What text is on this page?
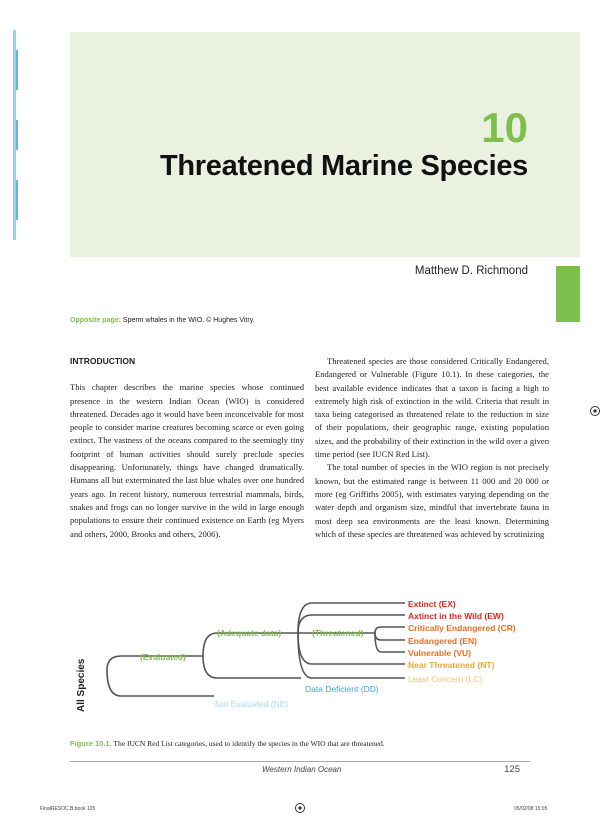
10
Threatened Marine Species
Matthew D. Richmond
Opposite page: Sperm whales in the WIO. © Hughes Vitry.

INTRODUCTION

This chapter describes the marine species whose continued presence in the western Indian Ocean (WIO) is considered threatened. Decades ago it would have been inconceivable for most people to consider marine creatures becoming scarce or even going extinct. The vastness of the oceans compared to the seemingly tiny footprint of human activities should surely preclude species disappearing. Unfortunately, things have changed dramatically. Humans all but exterminated the last blue whales over one hundred years ago. In recent history, numerous terrestrial mammals, birds, snakes and frogs can no longer survive in the wild in large enough populations to ensure their continued existence on Earth (eg Myers and others, 2000, Brooks and others, 2006).

Threatened species are those considered Critically Endangered, Endangered or Vulnerable (Figure 10.1). In these categories, the best available evidence indicates that a taxon is facing a high to extremely high risk of extinction in the wild. Criteria that result in taxa being categorised as threatened relate to the reduction in size of their populations, their geographic range, existing population sizes, and the probability of their extinction in the wild over a given time period (see IUCN Red List).

The total number of species in the WIO region is not precisely known, but the estimated range is between 11 000 and 20 000 or more (eg Griffiths 2005), with estimates varying depending on the water depth and organism size, mindful that invertebrate fauna in most deep sea environments are the least known. Determining which of these species are threatened was achieved by scrutinizing

Extinct (EX)
Axtinct in the Wild (EW)
Critically Endangered (CR)
Endangered (EN)
Vulnerable (VU)
Near Threatened (NT)
Least Concern (LC)
(Adequate data)	(Threatened)
(Evaluated)
Data Deficient (DD)
Not Evaluated (NE)
All Species
Figure 10.1. The IUCN Red List categories, used to identify the species in the WIO that are threatened.
Western Indian Ocean	125
FinalRESOC.B.book 125	05/02/08 15:05
